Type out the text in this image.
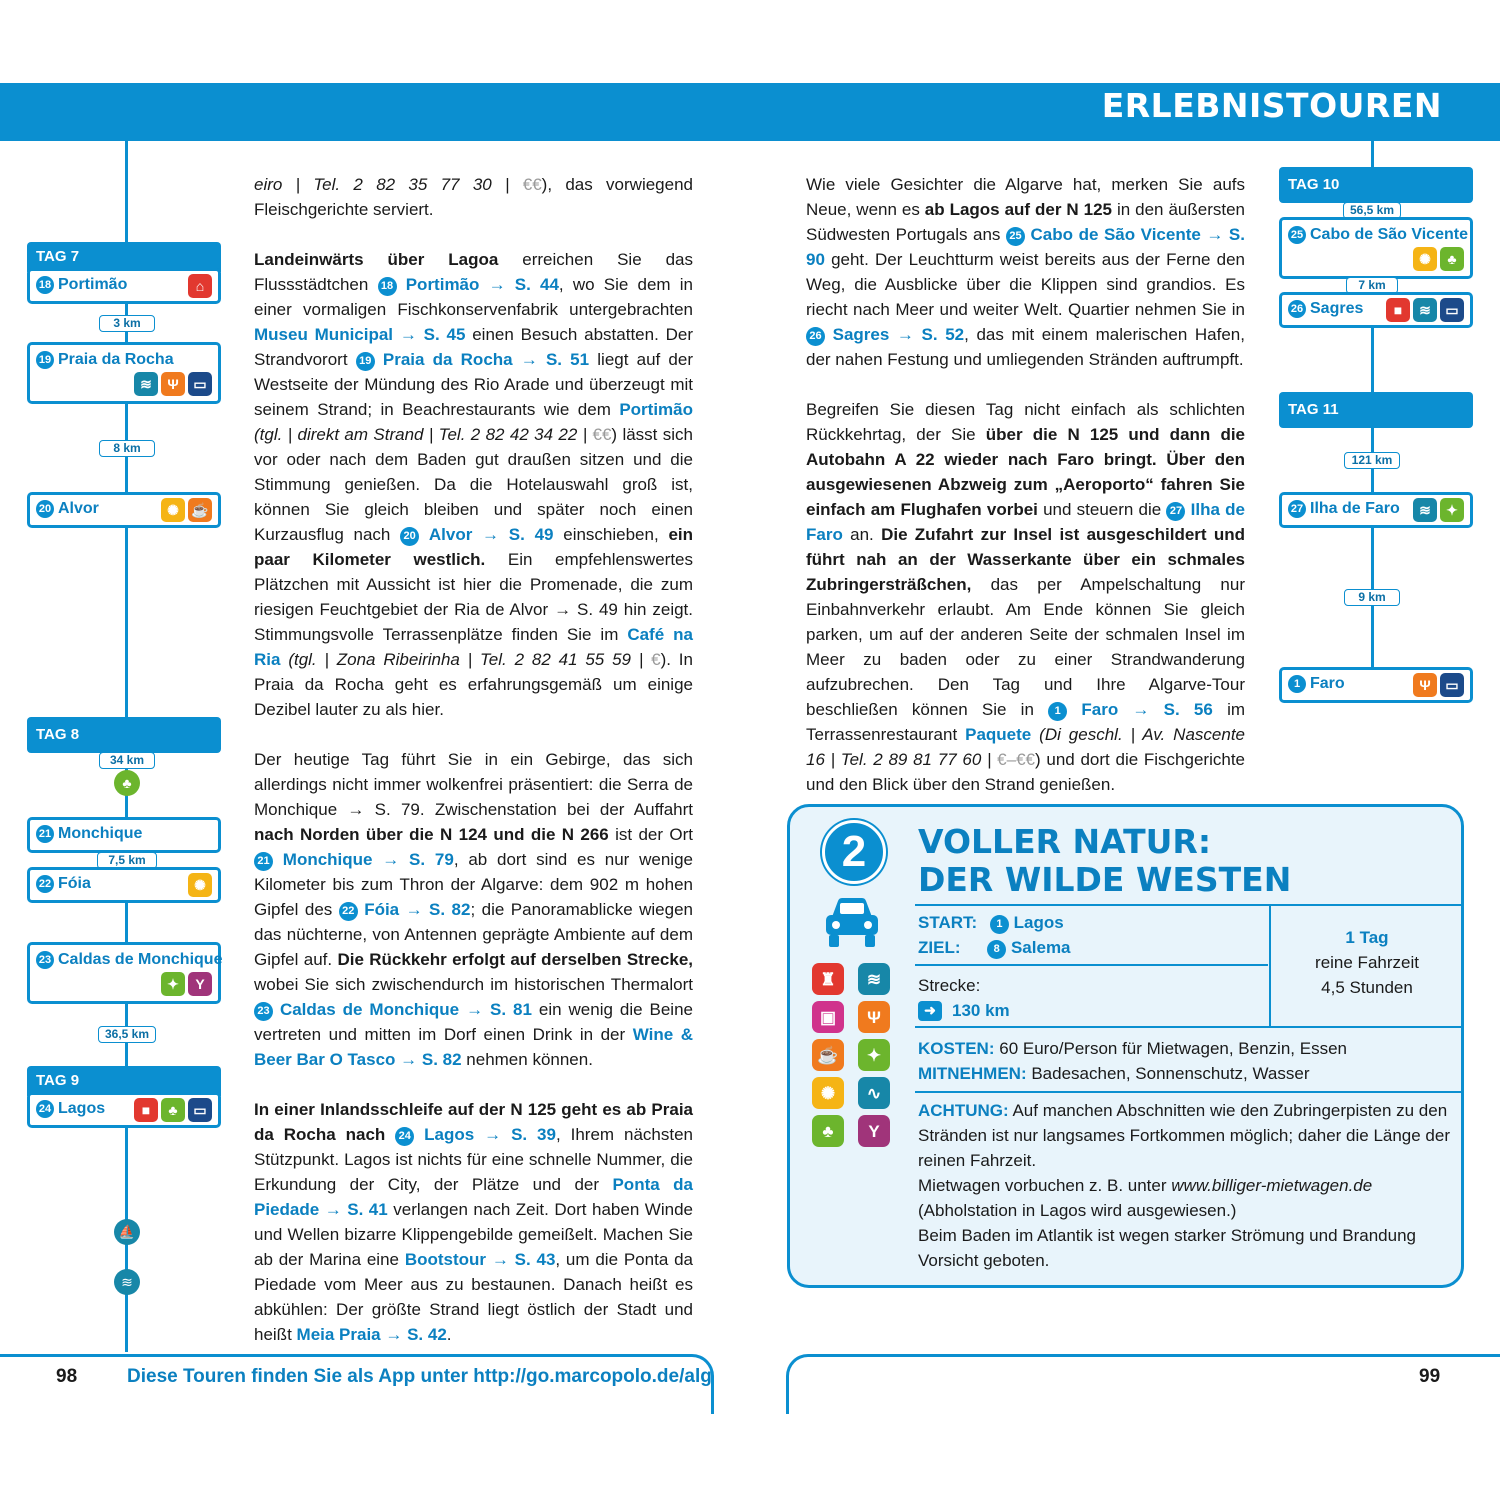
ERLEBNISTOUREN
TAG 7
18 Portimão	⌂
3 km
19 Praia da Rocha
≋	Ψ	▭
8 km
20 Alvor	✺ ☕
TAG 8
34 km
♣
21 Monchique
7,5 km
22 Fóia	✺
23 Caldas de Monchique
✦	Y
36,5 km
TAG 9
24 Lagos	■	♣	▭
⛵
≋

eiro | Tel. 2 82 35 77 30 | €€), das vorwiegend Fleischgerichte serviert.

Landeinwärts über Lagoa erreichen Sie das Flussstädtchen 18 Portimão → S. 44, wo Sie dem in einer vormaligen Fischkonservenfabrik untergebrachten Museu Municipal → S. 45 einen Besuch abstatten. Der Strandvorort 19 Praia da Rocha → S. 51 liegt auf der Westseite der Mündung des Rio Arade und überzeugt mit seinem Strand; in Beachrestaurants wie dem Portimão (tgl. | direkt am Strand | Tel. 2 82 42 34 22 | €€) lässt sich vor oder nach dem Baden gut draußen sitzen und die Stimmung genießen. Da die Hotelauswahl groß ist, können Sie gleich bleiben und später noch einen Kurzausflug nach 20 Alvor → S. 49 einschieben, ein paar Kilometer westlich. Ein empfehlenswertes Plätzchen mit Aussicht ist hier die Promenade, die zum riesigen Feuchtgebiet der Ria de Alvor → S. 49 hin zeigt. Stimmungsvolle Terrassenplätze finden Sie im Café na Ria (tgl. | Zona Ribeirinha | Tel. 2 82 41 55 59 | €). In Praia da Rocha geht es erfahrungsgemäß um einige Dezibel lauter zu als hier.

Der heutige Tag führt Sie in ein Gebirge, das sich allerdings nicht immer wolkenfrei präsentiert: die Serra de Monchique → S. 79. Zwischenstation bei der Auffahrt nach Norden über die N 124 und die N 266 ist der Ort 21 Monchique → S. 79, ab dort sind es nur wenige Kilometer bis zum Thron der Algarve: dem 902 m hohen Gipfel des 22 Fóia → S. 82; die Panoramablicke wiegen das nüchterne, von Antennen geprägte Ambiente auf dem Gipfel auf. Die Rückkehr erfolgt auf derselben Strecke, wobei Sie sich zwischendurch im historischen Thermalort 23 Caldas de Monchique → S. 81 ein wenig die Beine vertreten und mitten im Dorf einen Drink in der Wine & Beer Bar O Tasco → S. 82 nehmen können.

In einer Inlandsschleife auf der N 125 geht es ab Praia da Rocha nach 24 Lagos → S. 39, Ihrem nächsten Stützpunkt. Lagos ist nichts für eine schnelle Nummer, die Erkundung der City, der Plätze und der Ponta da Piedade → S. 41 verlangen nach Zeit. Dort haben Winde und Wellen bizarre Klippengebilde gemeißelt. Machen Sie ab der Marina eine Bootstour → S. 43, um die Ponta da Piedade vom Meer aus zu bestaunen. Danach heißt es abkühlen: Der größte Strand liegt östlich der Stadt und heißt Meia Praia → S. 42.

Wie viele Gesichter die Algarve hat, merken Sie aufs Neue, wenn es ab Lagos auf der N 125 in den äußersten Südwesten Portugals ans 25 Cabo de São Vicente → S. 90 geht. Der Leuchtturm weist bereits aus der Ferne den Weg, die Ausblicke über die Klippen sind grandios. Es riecht nach Meer und weiter Welt. Quartier nehmen Sie in 26 Sagres → S. 52, das mit einem malerischen Hafen, der nahen Festung und umliegenden Stränden auftrumpft.

Begreifen Sie diesen Tag nicht einfach als schlichten Rückkehrtag, der Sie über die N 125 und dann die Autobahn A 22 wieder nach Faro bringt. Über den ausgewiesenen Abzweig zum „Aeroporto“ fahren Sie einfach am Flughafen vorbei und steuern die 27 Ilha de Faro an. Die Zufahrt zur Insel ist ausgeschildert und führt nah an der Wasserkante über ein schmales Zubringersträßchen, das per Ampelschaltung nur Einbahnverkehr erlaubt. Am Ende können Sie gleich parken, um auf der anderen Seite der schmalen Insel im Meer zu baden oder zu einer Strandwanderung aufzubrechen. Den Tag und Ihre Algarve-Tour beschließen können Sie in 1 Faro → S. 56 im Terrassenrestaurant Paquete (Di geschl. | Av. Nascente 16 | Tel. 2 89 81 77 60 | €–€€) und dort die Fischgerichte und den Blick über den Strand genießen.

TAG 10
56,5 km
25 Cabo de São Vicente
✺	♣
7 km
26 Sagres	■	≋	▭
TAG 11
121 km
27 Ilha de Faro	≋	✦
9 km
1 Faro	Ψ	▭
2	VOLLER NATUR:
DER WILDE WESTEN
♜	≋
▣	Ψ
☕	✦
✺	∿
♣	Y
START: 1 Lagos
ZIEL:	8 Salema
Strecke:
➜ 130 km
1 Tag
reine Fahrzeit
4,5 Stunden
KOSTEN: 60 Euro/Person für Mietwagen, Benzin, Essen
MITNEHMEN: Badesachen, Sonnenschutz, Wasser
ACHTUNG: Auf manchen Abschnitten wie den Zubringerpisten zu den Stränden ist nur langsames Fortkommen möglich; daher die Länge der reinen Fahrzeit.
Mietwagen vorbuchen z. B. unter www.billiger-mietwagen.de
(Abholstation in Lagos wird ausgewiesen.)
Beim Baden im Atlantik ist wegen starker Strömung und Brandung Vorsicht geboten.
98	Diese Touren finden Sie als App unter http://go.marcopolo.de/alg	99
